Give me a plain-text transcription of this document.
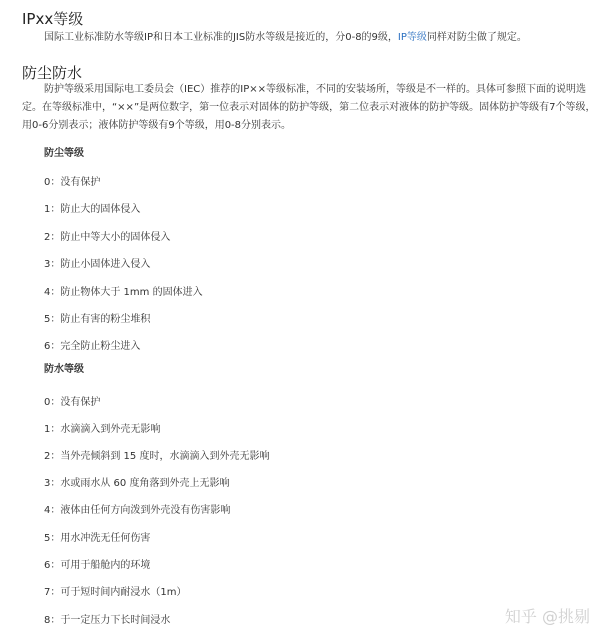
IPxx等级
国际工业标准防水等级IP和日本工业标准的JIS防水等级是接近的，分0-8的9级，IP等级同样对防尘做了规定。
防尘防水
防护等级采用国际电工委员会（IEC）推荐的IP××等级标准，不同的安装场所，等级是不一样的。具体可参照下面的说明选
定。在等级标准中，“××”是两位数字，第一位表示对固体的防护等级，第二位表示对液体的防护等级。固体防护等级有7个等级，
用0-6分别表示；液体防护等级有9个等级，用0-8分别表示。
防尘等级
0：没有保护
1：防止大的固体侵入
2：防止中等大小的固体侵入
3：防止小固体进入侵入
4：防止物体大于 1mm 的固体进入
5：防止有害的粉尘堆积
6：完全防止粉尘进入
防水等级
0：没有保护
1：水滴滴入到外壳无影响
2：当外壳倾斜到 15 度时，水滴滴入到外壳无影响
3：水或雨水从 60 度角落到外壳上无影响
4：液体由任何方向泼到外壳没有伤害影响
5：用水冲洗无任何伤害
6：可用于船舱内的环境
7：可于短时间内耐浸水（1m）
8：于一定压力下长时间浸水	知乎 @挑剔
